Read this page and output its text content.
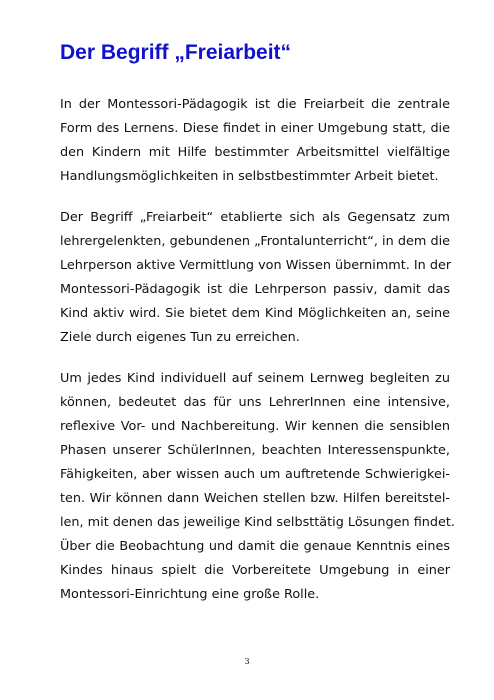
Der Begriff „Freiarbeit“
In der Montessori-Pädagogik ist die Freiarbeit die zentrale
Form des Lernens. Diese findet in einer Umgebung statt, die
den Kindern mit Hilfe bestimmter Arbeitsmittel vielfältige
Handlungsmöglichkeiten in selbstbestimmter Arbeit bietet.
Der Begriff „Freiarbeit“ etablierte sich als Gegensatz zum
lehrergelenkten, gebundenen „Frontalunterricht“, in dem die
Lehrperson aktive Vermittlung von Wissen übernimmt. In der
Montessori-Pädagogik ist die Lehrperson passiv, damit das
Kind aktiv wird. Sie bietet dem Kind Möglichkeiten an, seine
Ziele durch eigenes Tun zu erreichen.
Um jedes Kind individuell auf seinem Lernweg begleiten zu
können, bedeutet das für uns LehrerInnen eine intensive,
reflexive Vor- und Nachbereitung. Wir kennen die sensiblen
Phasen unserer SchülerInnen, beachten Interessenspunkte,
Fähigkeiten, aber wissen auch um auftretende Schwierigkei-
ten. Wir können dann Weichen stellen bzw. Hilfen bereitstel-
len, mit denen das jeweilige Kind selbsttätig Lösungen findet.
Über die Beobachtung und damit die genaue Kenntnis eines
Kindes hinaus spielt die Vorbereitete Umgebung in einer
Montessori-Einrichtung eine große Rolle.
3
